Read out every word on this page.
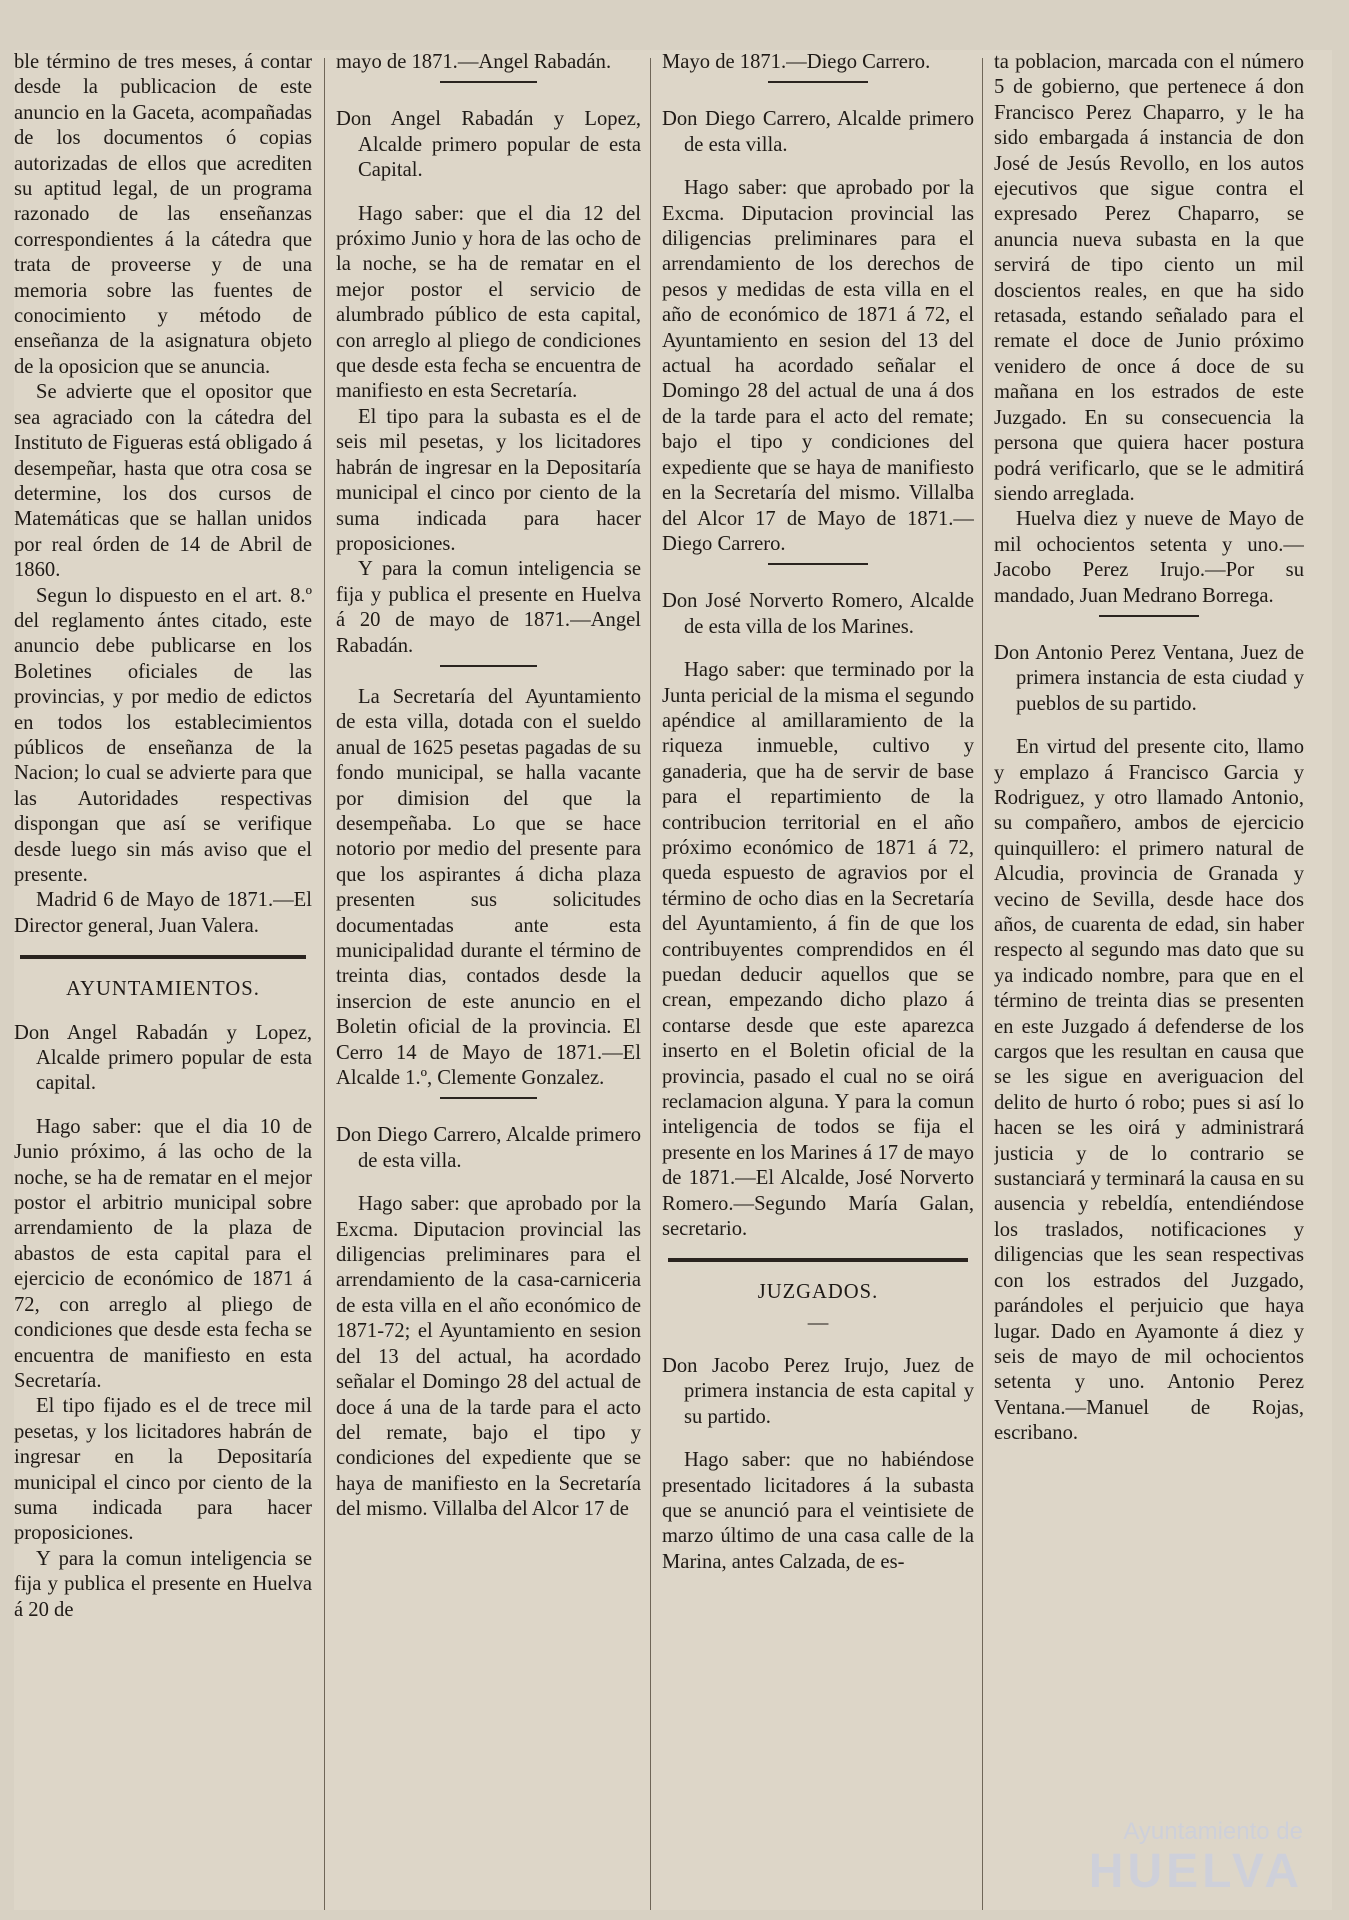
ble término de tres meses, á contar desde la publicacion de este anuncio en la Gaceta, acompañadas de los documentos ó copias autorizadas de ellos que acrediten su aptitud legal, de un programa razonado de las enseñanzas correspondientes á la cátedra que trata de proveerse y de una memoria sobre las fuentes de conocimiento y método de enseñanza de la asignatura objeto de la oposicion que se anuncia.

Se advierte que el opositor que sea agraciado con la cátedra del Instituto de Figueras está obligado á desempeñar, hasta que otra cosa se determine, los dos cursos de Matemáticas que se hallan unidos por real órden de 14 de Abril de 1860.

Segun lo dispuesto en el art. 8.º del reglamento ántes citado, este anuncio debe publicarse en los Boletines oficiales de las provincias, y por medio de edictos en todos los establecimientos públicos de enseñanza de la Nacion; lo cual se advierte para que las Autoridades respectivas dispongan que así se verifique desde luego sin más aviso que el presente.

Madrid 6 de Mayo de 1871.—El Director general, Juan Valera.

AYUNTAMIENTOS.

Don Angel Rabadán y Lopez, Alcalde primero popular de esta capital.

Hago saber: que el dia 10 de Junio próximo, á las ocho de la noche, se ha de rematar en el mejor postor el arbitrio municipal sobre arrendamiento de la plaza de abastos de esta capital para el ejercicio de económico de 1871 á 72, con arreglo al pliego de condiciones que desde esta fecha se encuentra de manifiesto en esta Secretaría.

El tipo fijado es el de trece mil pesetas, y los licitadores habrán de ingresar en la Depositaría municipal el cinco por ciento de la suma indicada para hacer proposiciones.

Y para la comun inteligencia se fija y publica el presente en Huelva á 20 de

mayo de 1871.—Angel Rabadán.

Don Angel Rabadán y Lopez, Alcalde primero popular de esta Capital.

Hago saber: que el dia 12 del próximo Junio y hora de las ocho de la noche, se ha de rematar en el mejor postor el servicio de alumbrado público de esta capital, con arreglo al pliego de condiciones que desde esta fecha se encuentra de manifiesto en esta Secretaría.

El tipo para la subasta es el de seis mil pesetas, y los licitadores habrán de ingresar en la Depositaría municipal el cinco por ciento de la suma indicada para hacer proposiciones.

Y para la comun inteligencia se fija y publica el presente en Huelva á 20 de mayo de 1871.—Angel Rabadán.

La Secretaría del Ayuntamiento de esta villa, dotada con el sueldo anual de 1625 pesetas pagadas de su fondo municipal, se halla vacante por dimision del que la desempeñaba. Lo que se hace notorio por medio del presente para que los aspirantes á dicha plaza presenten sus solicitudes documentadas ante esta municipalidad durante el término de treinta dias, contados desde la insercion de este anuncio en el Boletin oficial de la provincia. El Cerro 14 de Mayo de 1871.—El Alcalde 1.º, Clemente Gonzalez.

Don Diego Carrero, Alcalde primero de esta villa.

Hago saber: que aprobado por la Excma. Diputacion provincial las diligencias preliminares para el arrendamiento de la casa-carniceria de esta villa en el año económico de 1871-72; el Ayuntamiento en sesion del 13 del actual, ha acordado señalar el Domingo 28 del actual de doce á una de la tarde para el acto del remate, bajo el tipo y condiciones del expediente que se haya de manifiesto en la Secretaría del mismo. Villalba del Alcor 17 de

Mayo de 1871.—Diego Carrero.

Don Diego Carrero, Alcalde primero de esta villa.

Hago saber: que aprobado por la Excma. Diputacion provincial las diligencias preliminares para el arrendamiento de los derechos de pesos y medidas de esta villa en el año de económico de 1871 á 72, el Ayuntamiento en sesion del 13 del actual ha acordado señalar el Domingo 28 del actual de una á dos de la tarde para el acto del remate; bajo el tipo y condiciones del expediente que se haya de manifiesto en la Secretaría del mismo. Villalba del Alcor 17 de Mayo de 1871.—Diego Carrero.

Don José Norverto Romero, Alcalde de esta villa de los Marines.

Hago saber: que terminado por la Junta pericial de la misma el segundo apéndice al amillaramiento de la riqueza inmueble, cultivo y ganaderia, que ha de servir de base para el repartimiento de la contribucion territorial en el año próximo económico de 1871 á 72, queda espuesto de agravios por el término de ocho dias en la Secretaría del Ayuntamiento, á fin de que los contribuyentes comprendidos en él puedan deducir aquellos que se crean, empezando dicho plazo á contarse desde que este aparezca inserto en el Boletin oficial de la provincia, pasado el cual no se oirá reclamacion alguna. Y para la comun inteligencia de todos se fija el presente en los Marines á 17 de mayo de 1871.—El Alcalde, José Norverto Romero.—Segundo María Galan, secretario.

JUZGADOS.

—

Don Jacobo Perez Irujo, Juez de primera instancia de esta capital y su partido.

Hago saber: que no habiéndose presentado licitadores á la subasta que se anunció para el veintisiete de marzo último de una casa calle de la Marina, antes Calzada, de es-

ta poblacion, marcada con el número 5 de gobierno, que pertenece á don Francisco Perez Chaparro, y le ha sido embargada á instancia de don José de Jesús Revollo, en los autos ejecutivos que sigue contra el expresado Perez Chaparro, se anuncia nueva subasta en la que servirá de tipo ciento un mil doscientos reales, en que ha sido retasada, estando señalado para el remate el doce de Junio próximo venidero de once á doce de su mañana en los estrados de este Juzgado. En su consecuencia la persona que quiera hacer postura podrá verificarlo, que se le admitirá siendo arreglada.

Huelva diez y nueve de Mayo de mil ochocientos setenta y uno.—Jacobo Perez Irujo.—Por su mandado, Juan Medrano Borrega.

Don Antonio Perez Ventana, Juez de primera instancia de esta ciudad y pueblos de su partido.

En virtud del presente cito, llamo y emplazo á Francisco Garcia y Rodriguez, y otro llamado Antonio, su compañero, ambos de ejercicio quinquillero: el primero natural de Alcudia, provincia de Granada y vecino de Sevilla, desde hace dos años, de cuarenta de edad, sin haber respecto al segundo mas dato que su ya indicado nombre, para que en el término de treinta dias se presenten en este Juzgado á defenderse de los cargos que les resultan en causa que se les sigue en averiguacion del delito de hurto ó robo; pues si así lo hacen se les oirá y administrará justicia y de lo contrario se sustanciará y terminará la causa en su ausencia y rebeldía, entendiéndose los traslados, notificaciones y diligencias que les sean respectivas con los estrados del Juzgado, parándoles el perjuicio que haya lugar. Dado en Ayamonte á diez y seis de mayo de mil ochocientos setenta y uno. Antonio Perez Ventana.—Manuel de Rojas, escribano.

Ayuntamiento de
HUELVA
